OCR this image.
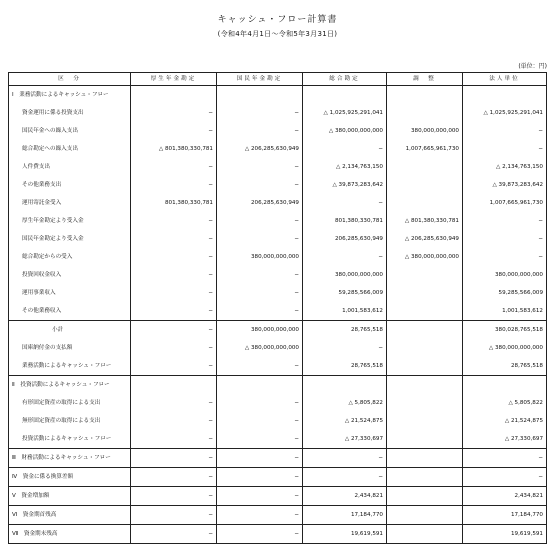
キャッシュ・フロー計算書
(令和4年4月1日～令和5年3月31日)
(単位：円)
区　分	厚生年金勘定	国民年金勘定	総合勘定	調　整	法人単位
Ⅰ　業務活動によるキャッシュ・フロー					
資金運用に係る投資支出	−	−	△ 1,025,925,291,041		△ 1,025,925,291,041
国民年金への繰入支出	−	−	△ 380,000,000,000	380,000,000,000	−
総合勘定への繰入支出	△ 801,380,330,781	△ 206,285,630,949	−	1,007,665,961,730	−
人件費支出	−	−	△ 2,134,763,150		△ 2,134,763,150
その他業務支出	−	−	△ 39,873,283,642		△ 39,873,283,642
運用寄託金受入	801,380,330,781	206,285,630,949	−		1,007,665,961,730
厚生年金勘定より受入金	−	−	801,380,330,781	△ 801,380,330,781	−
国民年金勘定より受入金	−	−	206,285,630,949	△ 206,285,630,949	−
総合勘定からの受入	−	380,000,000,000	−	△ 380,000,000,000	−
投資回収金収入	−	−	380,000,000,000		380,000,000,000
運用事業収入	−	−	59,285,566,009		59,285,566,009
その他業務収入	−	−	1,001,583,612		1,001,583,612
小計	−	380,000,000,000	28,765,518		380,028,765,518
国庫納付金の支払額	−	△ 380,000,000,000	−		△ 380,000,000,000
業務活動によるキャッシュ・フロー	−	−	28,765,518		28,765,518
Ⅱ　投資活動によるキャッシュ・フロー					
有形固定資産の取得による支出	−	−	△ 5,805,822		△ 5,805,822
無形固定資産の取得による支出	−	−	△ 21,524,875		△ 21,524,875
投資活動によるキャッシュ・フロー	−	−	△ 27,330,697		△ 27,330,697
Ⅲ　財務活動によるキャッシュ・フロー	−	−	−		−
Ⅳ　資金に係る換算差額	−	−	−		−
Ⅴ　資金増加額	−	−	2,434,821		2,434,821
Ⅵ　資金期首残高	−	−	17,184,770		17,184,770
Ⅶ　資金期末残高	−	−	19,619,591		19,619,591
